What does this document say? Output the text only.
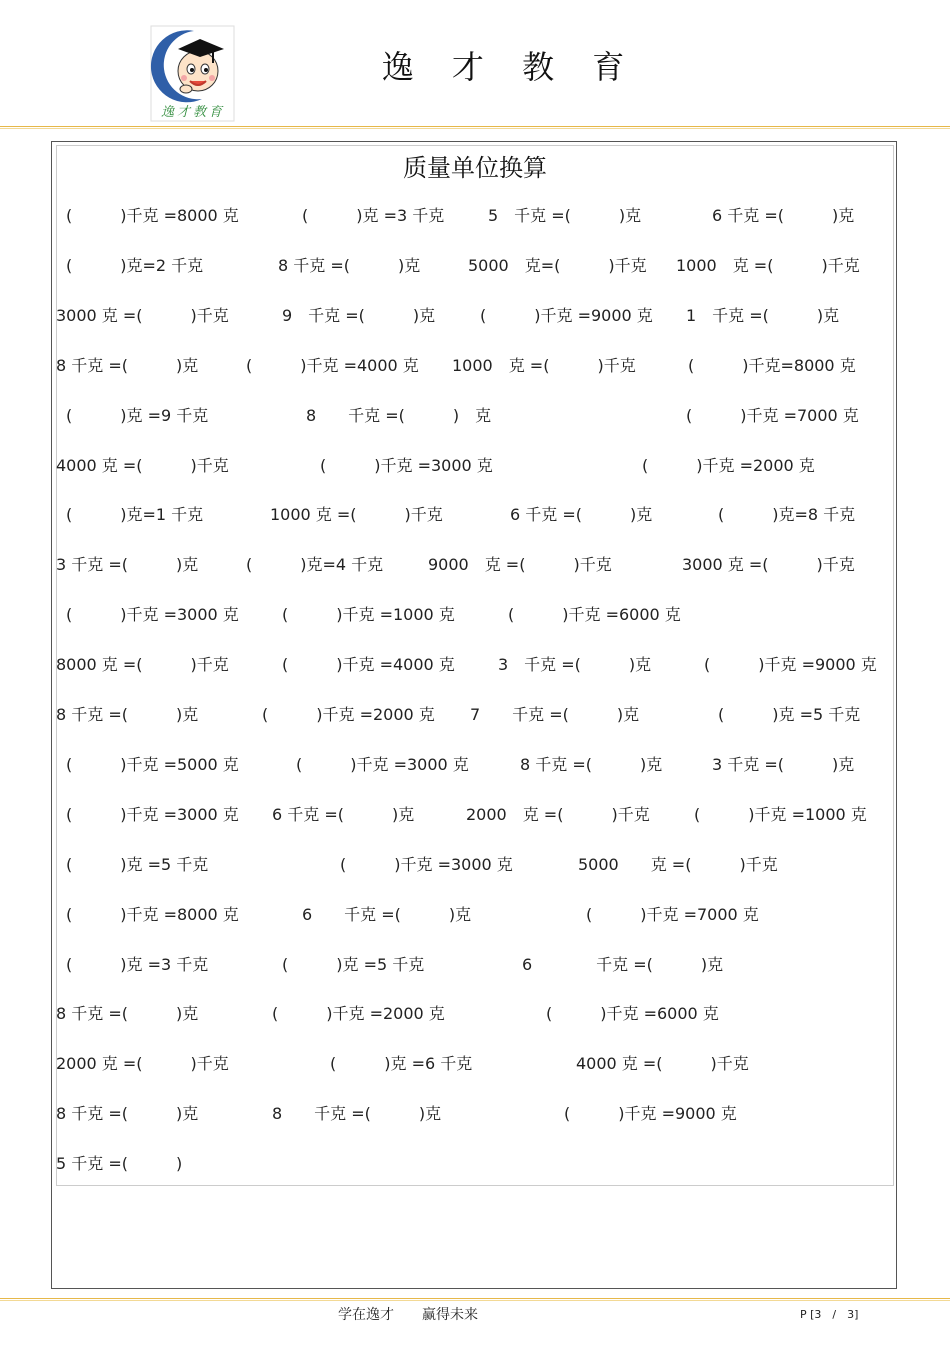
逸才教育
逸 才 教 育
质量单位换算
(　　　)千克 =8000 克	(　　　)克 =3 千克	5　千克 =(　　　)克	6 千克 =(　　　)克
(　　　)克=2 千克	8 千克 =(　　　)克	5000　克=(　　　)千克 1000　克 =(　　　)千克
3000 克 =(　　　)千克	9　千克 =(　　　)克	(　　　)千克 =9000 克 1　千克 =(　　　)克
8 千克 =(　　　)克	(　　　)千克 =4000 克 1000　克 =(　　　)千克	(　　　)千克=8000 克
(　　　)克 =9 千克	8　　千克 =(　　　)　克	(　　　)千克 =7000 克
4000 克 =(　　　)千克	(　　　)千克 =3000 克	(　　　)千克 =2000 克
(　　　)克=1 千克	1000 克 =(　　　)千克	6 千克 =(　　　)克	(　　　)克=8 千克
3 千克 =(　　　)克	(　　　)克=4 千克	9000　克 =(　　　)千克	3000 克 =(　　　)千克
(　　　)千克 =3000 克	(　　　)千克 =1000 克	(　　　)千克 =6000 克
8000 克 =(　　　)千克	(　　　)千克 =4000 克	3　千克 =(　　　)克	(　　　)千克 =9000 克
8 千克 =(　　　)克	(　　　)千克 =2000 克 7　　千克 =(　　　)克	(　　　)克 =5 千克
(　　　)千克 =5000 克	(　　　)千克 =3000 克	8 千克 =(　　　)克	3 千克 =(　　　)克
(　　　)千克 =3000 克 6 千克 =(　　　)克	2000　克 =(　　　)千克	(　　　)千克 =1000 克
(　　　)克 =5 千克	(　　　)千克 =3000 克	5000　　克 =(　　　)千克
(　　　)千克 =8000 克	6　　千克 =(　　　)克	(　　　)千克 =7000 克
(　　　)克 =3 千克	(　　　)克 =5 千克	6　　　　千克 =(　　　)克
8 千克 =(　　　)克	(　　　)千克 =2000 克	(　　　)千克 =6000 克
2000 克 =(　　　)千克	(　　　)克 =6 千克	4000 克 =(　　　)千克
8 千克 =(　　　)克	8　　千克 =(　　　)克	(　　　)千克 =9000 克
5 千克 =(　　　)
学在逸才　　赢得未来	P [3　/　3]
